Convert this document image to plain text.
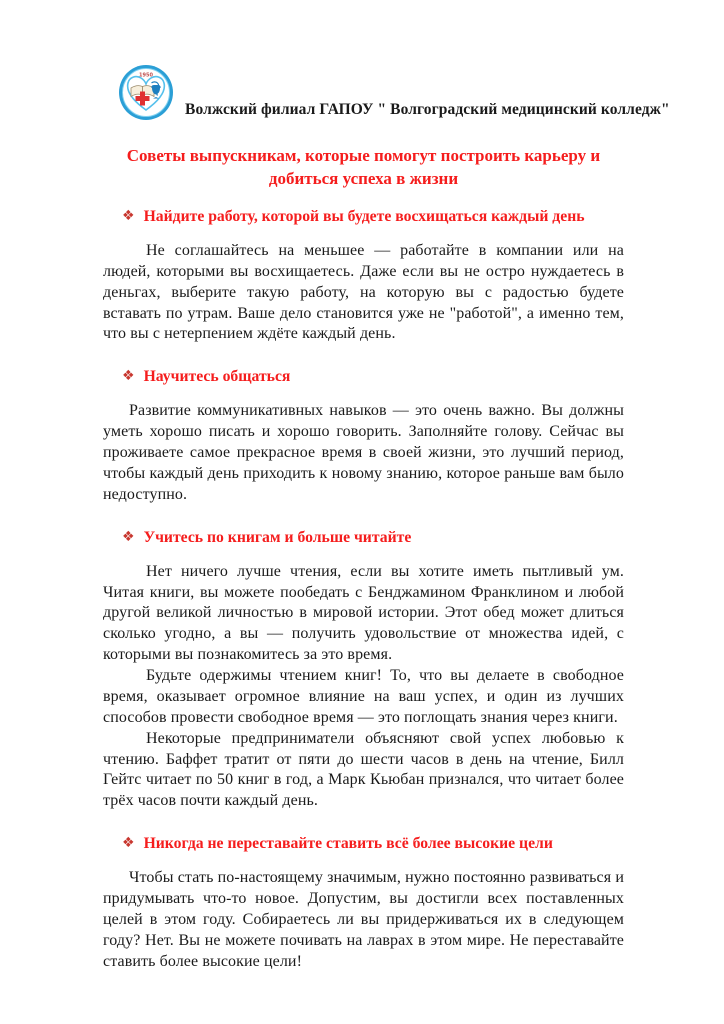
1950
Волжский филиал ГАПОУ " Волгоградский медицинский колледж"
Советы выпускникам, которые помогут построить карьеру и добиться успеха в жизни
❖ Найдите работу, которой вы будете восхищаться каждый день

Не соглашайтесь на меньшее — работайте в компании или на людей, которыми вы восхищаетесь. Даже если вы не остро нуждаетесь в деньгах, выберите такую работу, на которую вы с радостью будете вставать по утрам. Ваше дело становится уже не "работой", а именно тем, что вы с нетерпением ждёте каждый день.

❖ Научитесь общаться

Развитие коммуникативных навыков — это очень важно. Вы должны уметь хорошо писать и хорошо говорить. Заполняйте голову. Сейчас вы проживаете самое прекрасное время в своей жизни, это лучший период, чтобы каждый день приходить к новому знанию, которое раньше вам было недоступно.

❖ Учитесь по книгам и больше читайте

Нет ничего лучше чтения, если вы хотите иметь пытливый ум. Читая книги, вы можете пообедать с Бенджамином Франклином и любой другой великой личностью в мировой истории. Этот обед может длиться сколько угодно, а вы — получить удовольствие от множества идей, с которыми вы познакомитесь за это время.

Будьте одержимы чтением книг! То, что вы делаете в свободное время, оказывает огромное влияние на ваш успех, и один из лучших способов провести свободное время — это поглощать знания через книги.

Некоторые предприниматели объясняют свой успех любовью к чтению. Баффет тратит от пяти до шести часов в день на чтение, Билл Гейтс читает по 50 книг в год, а Марк Кьюбан признался, что читает более трёх часов почти каждый день.

❖ Никогда не переставайте ставить всё более высокие цели

Чтобы стать по-настоящему значимым, нужно постоянно развиваться и придумывать что-то новое. Допустим, вы достигли всех поставленных целей в этом году. Собираетесь ли вы придерживаться их в следующем году? Нет. Вы не можете почивать на лаврах в этом мире. Не переставайте ставить более высокие цели!
